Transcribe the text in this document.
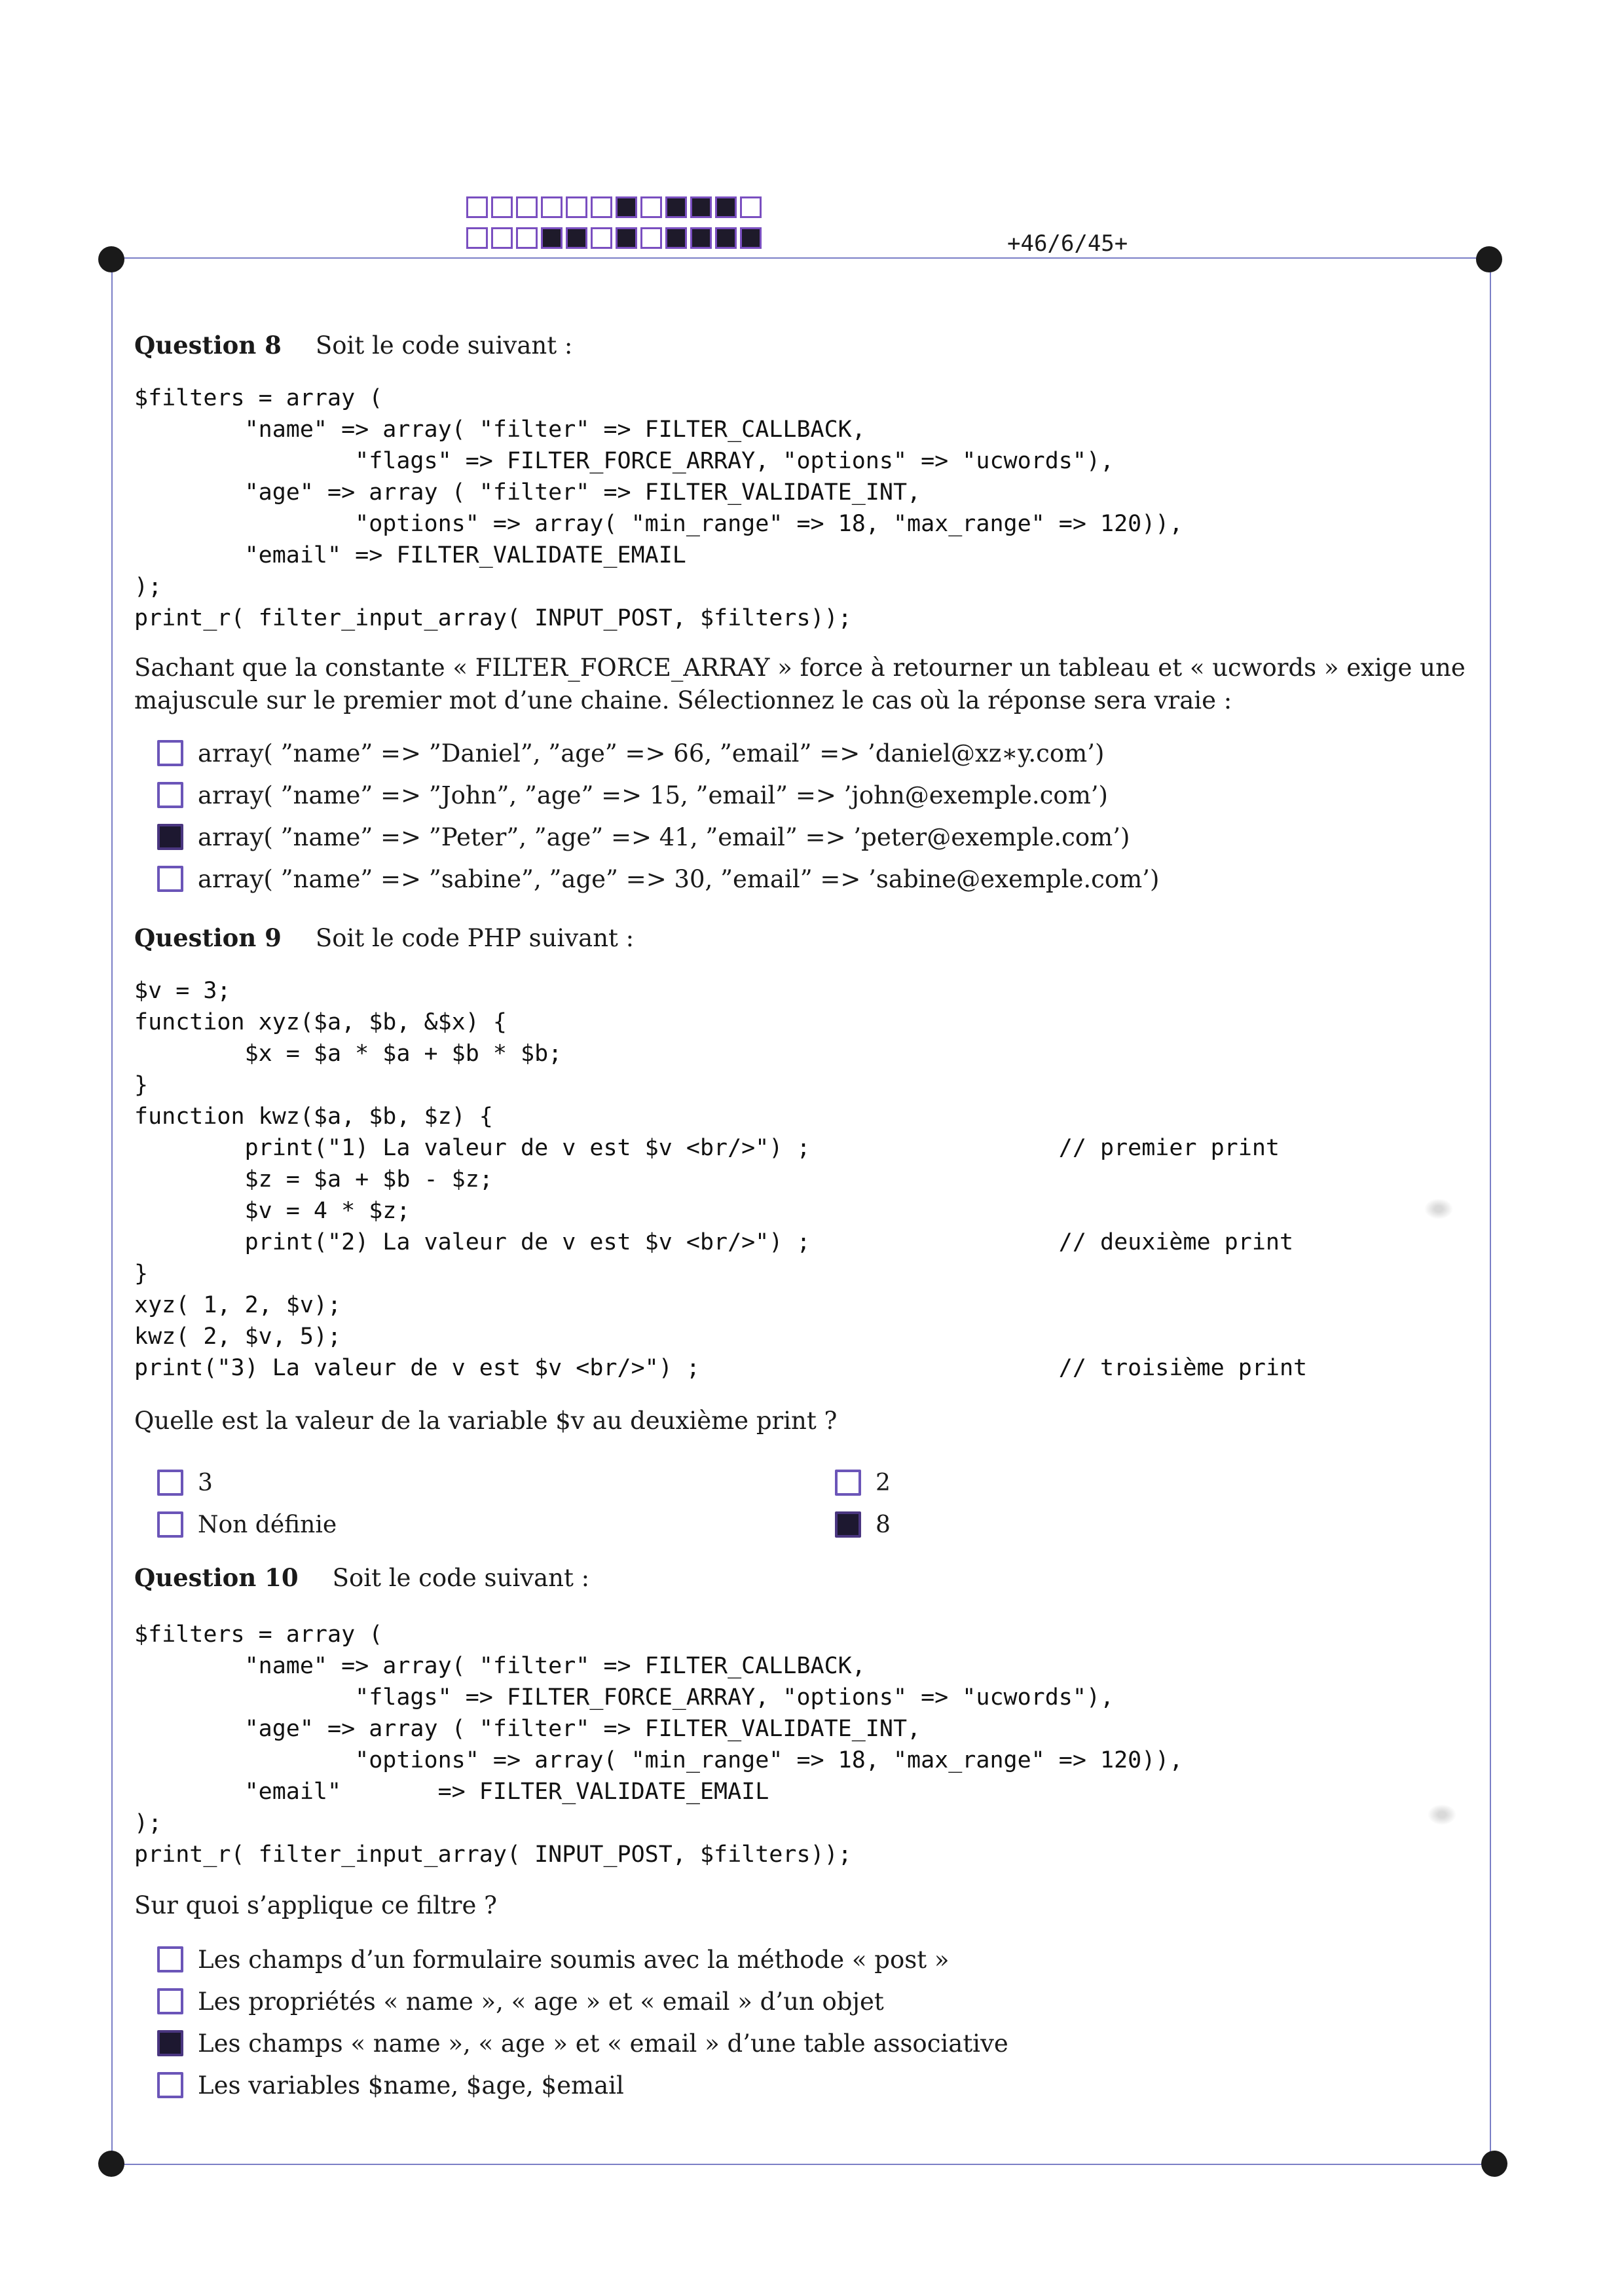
+46/6/45+
Question 8 Soit le code suivant :
$filters = array (
"name" => array( "filter" => FILTER_CALLBACK,
"flags" => FILTER_FORCE_ARRAY, "options" => "ucwords"),
"age" => array ( "filter" => FILTER_VALIDATE_INT,
"options" => array( "min_range" => 18, "max_range" => 120)),
"email" => FILTER_VALIDATE_EMAIL
);
print_r( filter_input_array( INPUT_POST, $filters));
Sachant que la constante « FILTER_FORCE_ARRAY » force à retourner un tableau et « ucwords » exige une majuscule sur le premier mot d’une chaine. Sélectionnez le cas où la réponse sera vraie :
array( ”name” => ”Daniel”, ”age” => 66, ”email” => ’daniel@xz∗y.com’)
array( ”name” => ”John”, ”age” => 15, ”email” => ’john@exemple.com’)
array( ”name” => ”Peter”, ”age” => 41, ”email” => ’peter@exemple.com’)
array( ”name” => ”sabine”, ”age” => 30, ”email” => ’sabine@exemple.com’)
Question 9 Soit le code PHP suivant :
$v = 3;
function xyz($a, $b, &$x) {
$x = $a * $a + $b * $b;
}
function kwz($a, $b, $z) {
print("1) La valeur de v est $v <br/>") ;                  // premier print
$z = $a + $b - $z;
$v = 4 * $z;
print("2) La valeur de v est $v <br/>") ;                  // deuxième print
}
xyz( 1, 2, $v);
kwz( 2, $v, 5);
print("3) La valeur de v est $v <br/>") ;                          // troisième print
Quelle est la valeur de la variable $v au deuxième print ?
3	2
Non définie	8
Question 10 Soit le code suivant :
$filters = array (
"name" => array( "filter" => FILTER_CALLBACK,
"flags" => FILTER_FORCE_ARRAY, "options" => "ucwords"),
"age" => array ( "filter" => FILTER_VALIDATE_INT,
"options" => array( "min_range" => 18, "max_range" => 120)),
"email"       => FILTER_VALIDATE_EMAIL
);
print_r( filter_input_array( INPUT_POST, $filters));
Sur quoi s’applique ce filtre ?
Les champs d’un formulaire soumis avec la méthode « post »
Les propriétés « name », « age » et « email » d’un objet
Les champs « name », « age » et « email » d’une table associative
Les variables $name, $age, $email
